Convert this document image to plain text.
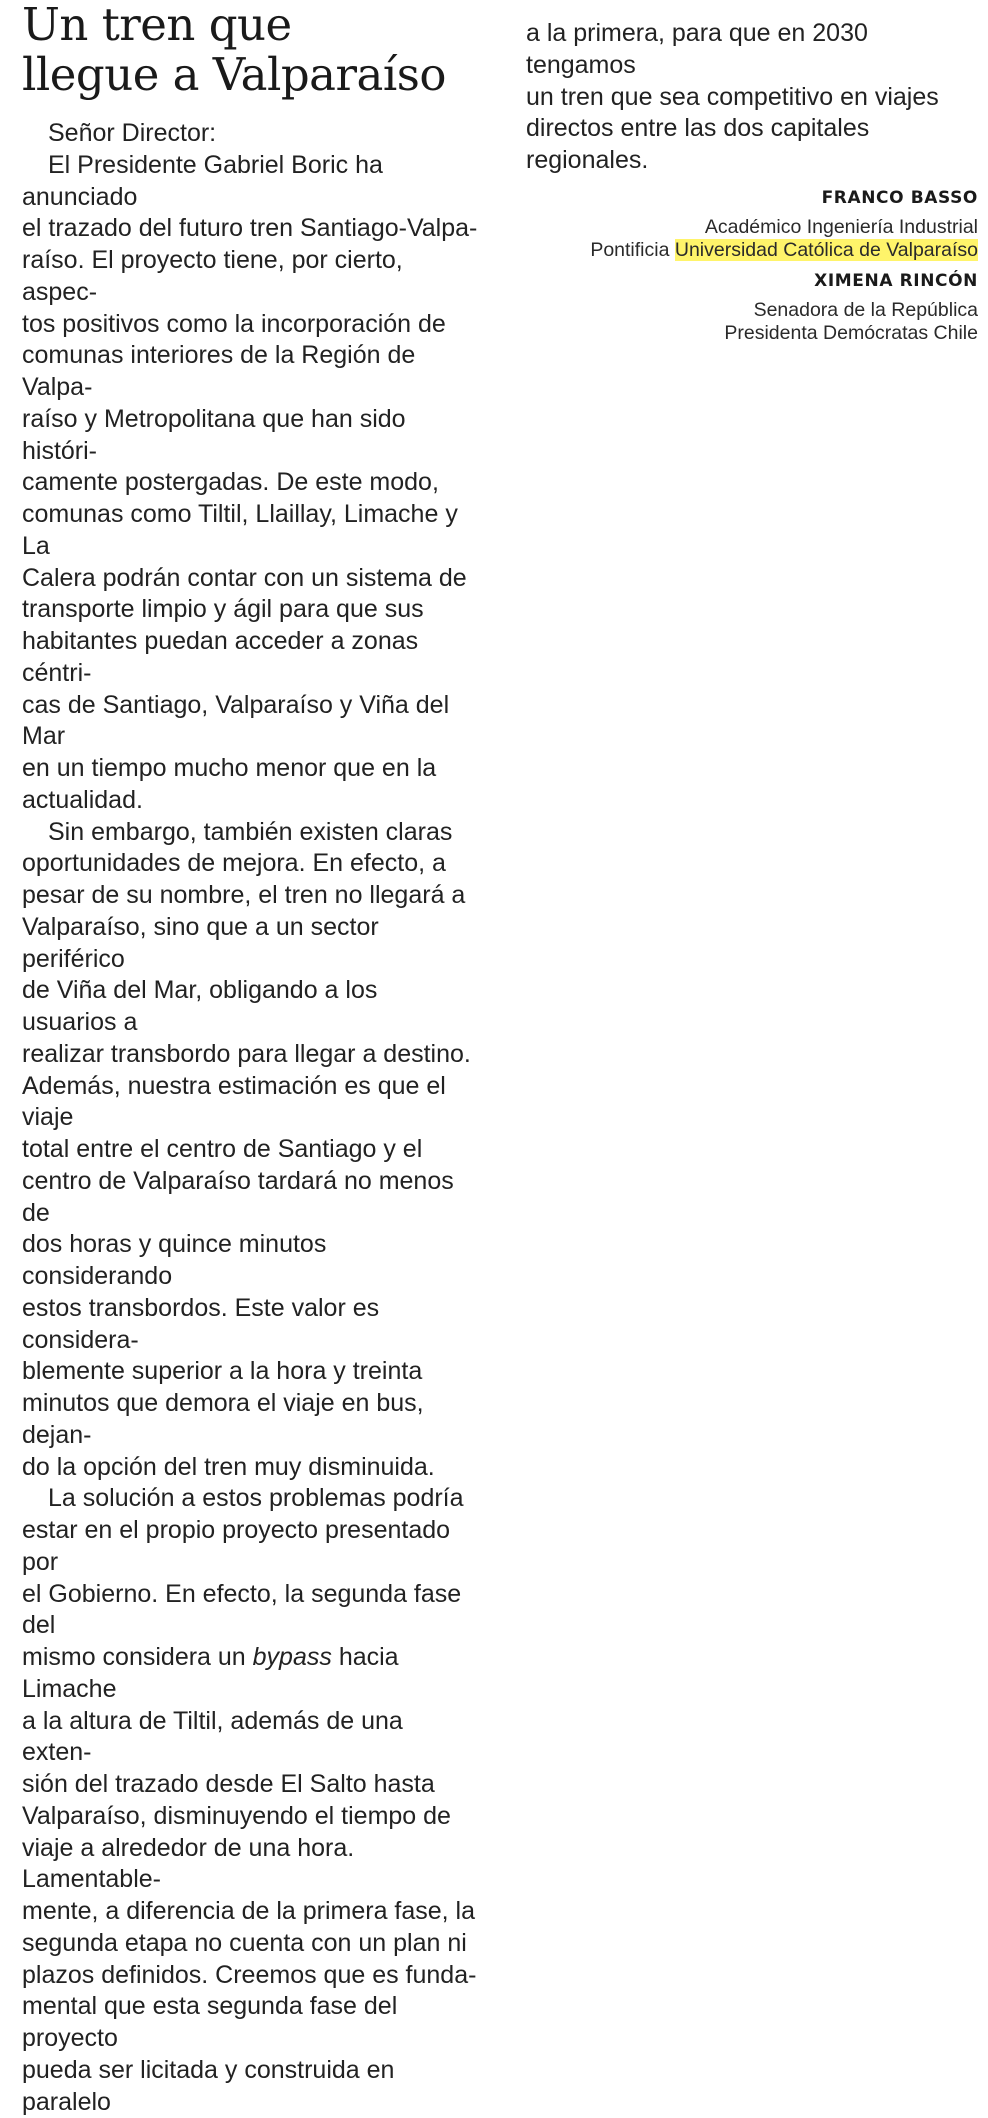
Un tren que
llegue a Valparaíso

Señor Director:

El Presidente Gabriel Boric ha anunciado
el trazado del futuro tren Santiago-Valpa-
raíso. El proyecto tiene, por cierto, aspec-
tos positivos como la incorporación de
comunas interiores de la Región de Valpa-
raíso y Metropolitana que han sido históri-
camente postergadas. De este modo,
comunas como Tiltil, Llaillay, Limache y La
Calera podrán contar con un sistema de
transporte limpio y ágil para que sus
habitantes puedan acceder a zonas céntri-
cas de Santiago, Valparaíso y Viña del Mar
en un tiempo mucho menor que en la
actualidad.

Sin embargo, también existen claras
oportunidades de mejora. En efecto, a
pesar de su nombre, el tren no llegará a
Valparaíso, sino que a un sector periférico
de Viña del Mar, obligando a los usuarios a
realizar transbordo para llegar a destino.
Además, nuestra estimación es que el viaje
total entre el centro de Santiago y el
centro de Valparaíso tardará no menos de
dos horas y quince minutos considerando
estos transbordos. Este valor es considera-
blemente superior a la hora y treinta
minutos que demora el viaje en bus, dejan-
do la opción del tren muy disminuida.

La solución a estos problemas podría
estar en el propio proyecto presentado por
el Gobierno. En efecto, la segunda fase del
mismo considera un bypass hacia Limache
a la altura de Tiltil, además de una exten-
sión del trazado desde El Salto hasta
Valparaíso, disminuyendo el tiempo de
viaje a alrededor de una hora. Lamentable-
mente, a diferencia de la primera fase, la
segunda etapa no cuenta con un plan ni
plazos definidos. Creemos que es funda-
mental que esta segunda fase del proyecto
pueda ser licitada y construida en paralelo

a la primera, para que en 2030 tengamos
un tren que sea competitivo en viajes
directos entre las dos capitales regionales.

FRANCO BASSO
Académico Ingeniería Industrial
Pontificia Universidad Católica de Valparaíso
XIMENA RINCÓN
Senadora de la República
Presidenta Demócratas Chile
